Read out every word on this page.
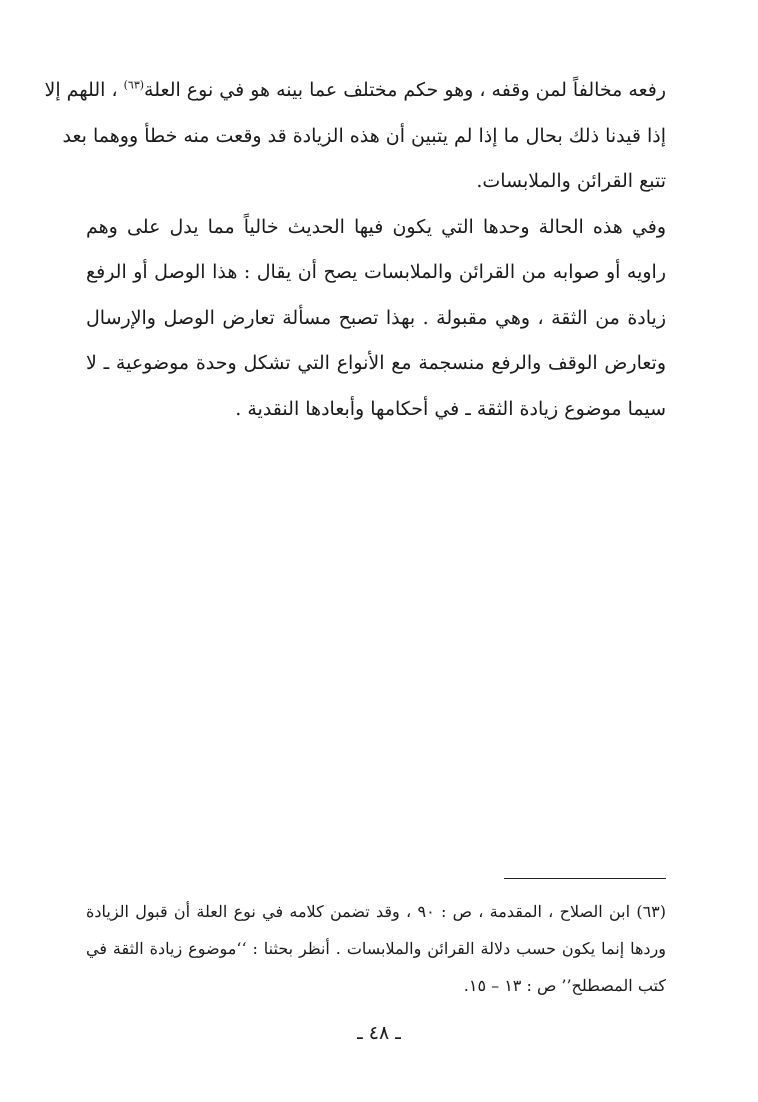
رفعه مخالفاً لمن وقفه ، وهو حكم مختلف عما بينه هو في نوع العلة$^{(٦٣)}$ ، اللهم إلا
إذا قيدنا ذلك بحال ما إذا لم يتبين أن هذه الزيادة قد وقعت منه خطأ ووهما بعد
تتبع القرائن والملابسات.
وفي هذه الحالة وحدها التي يكون فيها الحديث خالياً مما يدل على وهم
راويه أو صوابه من القرائن والملابسات يصح أن يقال : هذا الوصل أو الرفع
زيادة من الثقة ، وهي مقبولة . بهذا تصبح مسألة تعارض الوصل والإرسال
وتعارض الوقف والرفع منسجمة مع الأنواع التي تشكل وحدة موضوعية ـ لا
سيما موضوع زيادة الثقة ـ في أحكامها وأبعادها النقدية .
(٦٣) ابن الصلاح ، المقدمة ، ص : ٩٠ ، وقد تضمن كلامه في نوع العلة أن قبول الزيادة
وردها إنما يكون حسب دلالة القرائن والملابسات . أنظر بحثنا : ‘‘موضوع زيادة الثقة في
كتب المصطلح’’ ص : ١٣ – ١٥.
ـ ٤٨ ـ
